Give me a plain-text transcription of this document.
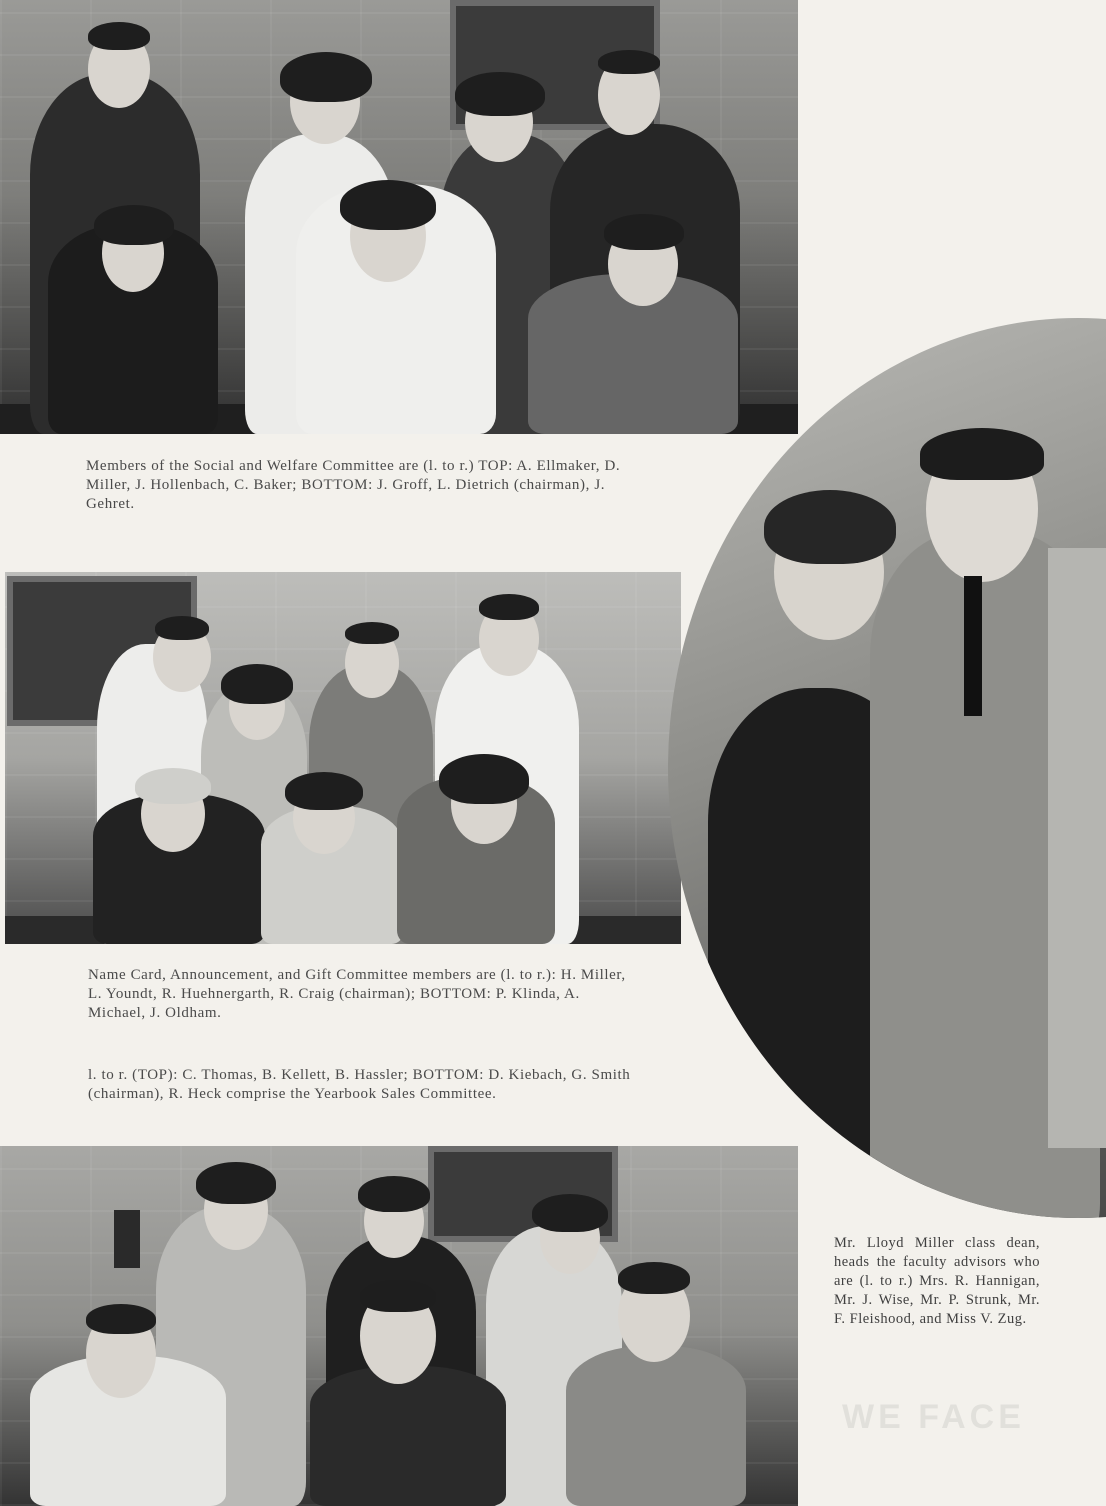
Members of the Social and Welfare Committee are (l. to r.) TOP: A. Ellmaker, D. Miller, J. Hollenbach, C. Baker; BOTTOM: J. Groff, L. Dietrich (chairman), J. Gehret.

Name Card, Announcement, and Gift Committee members are (l. to r.): H. Miller, L. Youndt, R. Huehnergarth, R. Craig (chairman); BOTTOM: P. Klinda, A. Michael, J. Oldham.

l. to r. (TOP): C. Thomas, B. Kellett, B. Hassler; BOTTOM: D. Kiebach, G. Smith (chairman), R. Heck comprise the Yearbook Sales Committee.

Mr. Lloyd Miller class dean, heads the faculty advisors who are (l. to r.) Mrs. R. Hannigan, Mr. J. Wise, Mr. P. Strunk, Mr. F. Fleishood, and Miss V. Zug.

WE FACE
